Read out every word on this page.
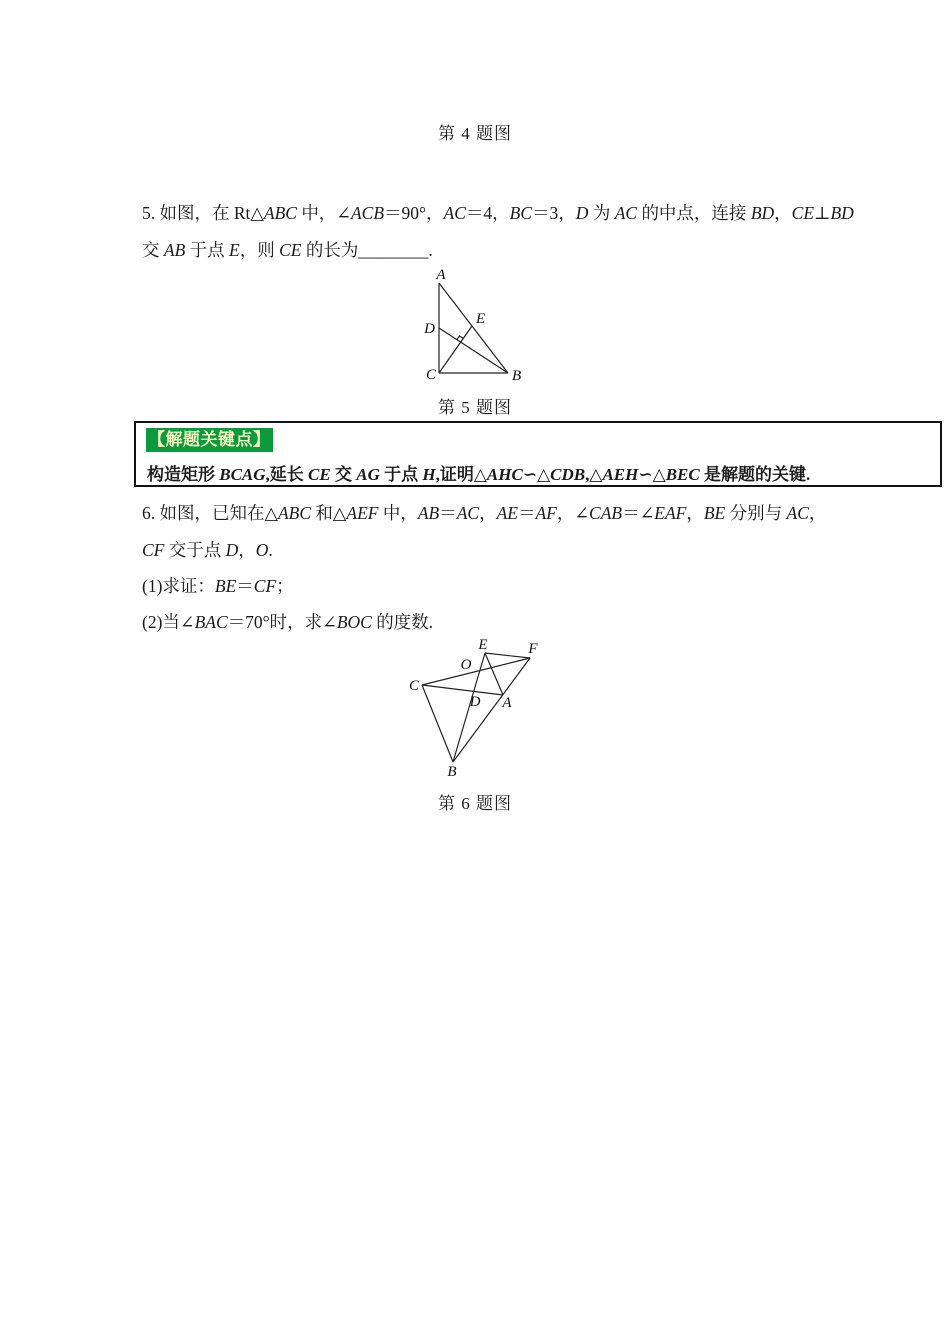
第 4 题图
5. 如图，在 Rt△ABC 中，∠ACB＝90°，AC＝4，BC＝3，D 为 AC 的中点，连接 BD，CE⊥BD
交 AB 于点 E，则 CE 的长为________.
A
D
E
C	B
第 5 题图
【解题关键点】
构造矩形 BCAG,延长 CE 交 AG 于点 H,证明△AHC∽△CDB,△AEH∽△BEC 是解题的关键.
6. 如图，已知在△ABC 和△AEF 中，AB＝AC，AE＝AF，∠CAB＝∠EAF，BE 分别与 AC，
CF 交于点 D，O.
(1)求证：BE＝CF；
(2)当∠BAC＝70°时，求∠BOC 的度数.
E	F
O
C
D A
B
第 6 题图
